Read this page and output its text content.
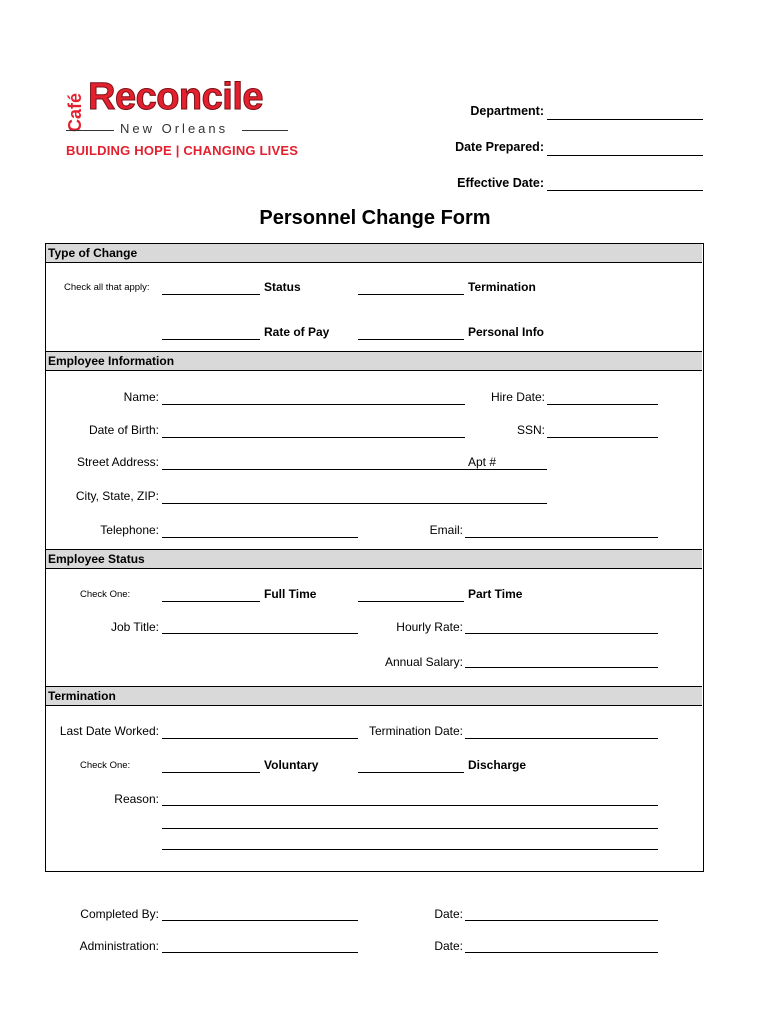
Café Reconcile
New Orleans
BUILDING HOPE | CHANGING LIVES
Department:
Date Prepared:
Effective Date:
Personnel Change Form
Type of Change
Check all that apply:	Status	Termination
Rate of Pay	Personal Info
Employee Information
Name:	Hire Date:
Date of Birth:	SSN:
Street Address:	Apt #
City, State, ZIP:
Telephone:	Email:
Employee Status
Check One:	Full Time	Part Time
Job Title:	Hourly Rate:
Annual Salary:
Termination
Last Date Worked:	Termination Date:
Check One:	Voluntary	Discharge
Reason:
Completed By:	Date:
Administration:	Date:
